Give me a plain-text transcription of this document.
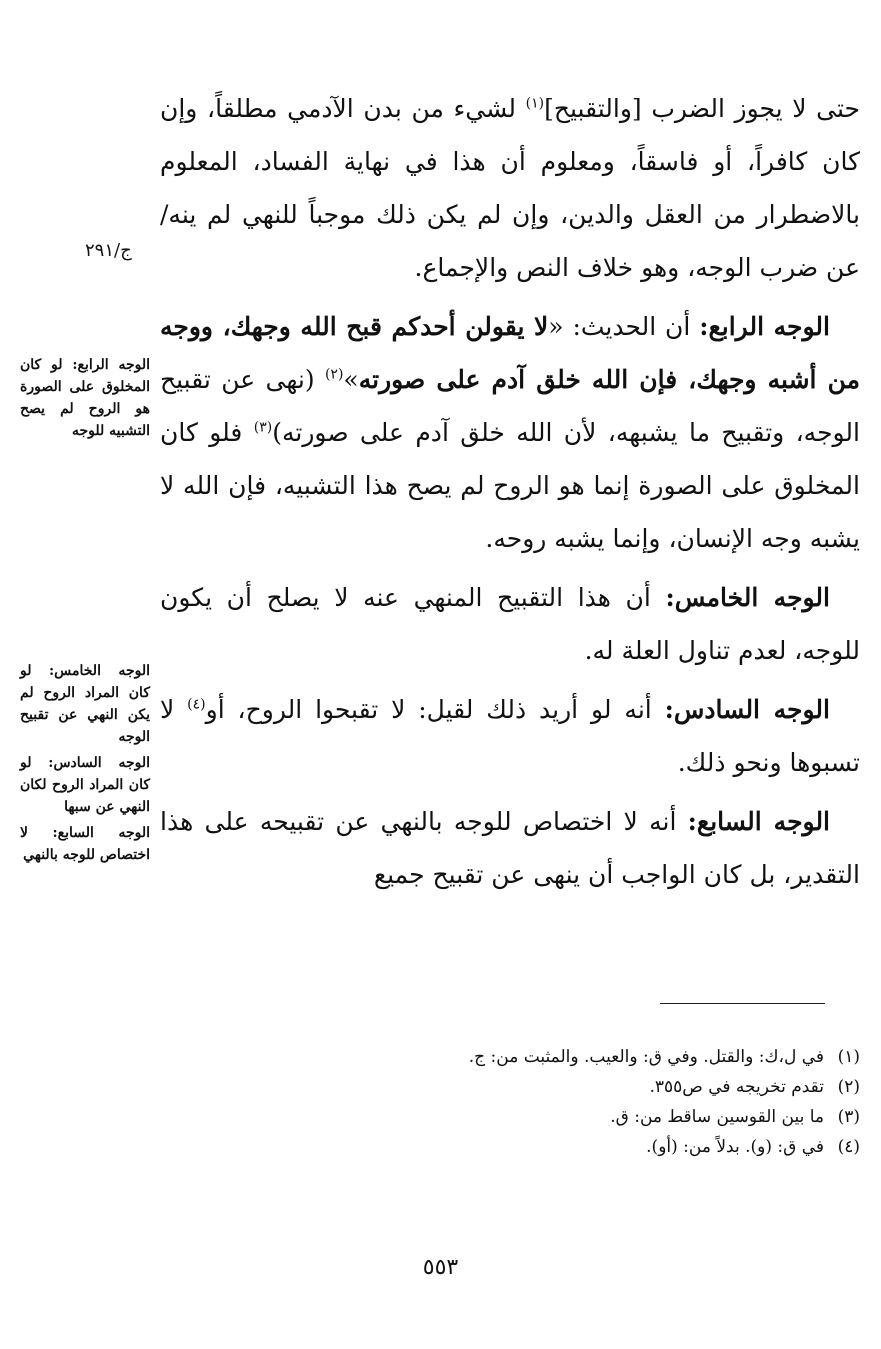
حتى لا يجوز الضرب [والتقبيح]$^{(١)}$ لشيء من بدن الآدمي مطلقاً، وإن كان كافراً، أو فاسقاً، ومعلوم أن هذا في نهاية الفساد، المعلوم بالاضطرار من العقل والدين، وإن لم يكن ذلك موجباً للنهي لم ينه/ عن ضرب الوجه، وهو خلاف النص والإجماع.

الوجه الرابع: أن الحديث: «لا يقولن أحدكم قبح الله وجهك، ووجه من أشبه وجهك، فإن الله خلق آدم على صورته»$^{(٢)}$ (نهى عن تقبيح الوجه، وتقبيح ما يشبهه، لأن الله خلق آدم على صورته)$^{(٣)}$ فلو كان المخلوق على الصورة إنما هو الروح لم يصح هذا التشبيه، فإن الله لا يشبه وجه الإنسان، وإنما يشبه روحه.

الوجه الخامس: أن هذا التقبيح المنهي عنه لا يصلح أن يكون للوجه، لعدم تناول العلة له.

الوجه السادس: أنه لو أريد ذلك لقيل: لا تقبحوا الروح، أو$^{(٤)}$ لا تسبوها ونحو ذلك.

الوجه السابع: أنه لا اختصاص للوجه بالنهي عن تقبيحه على هذا التقدير، بل كان الواجب أن ينهى عن تقبيح جميع

ج/٢٩١

الوجه الرابع: لو كان المخلوق على الصورة هو الروح لم يصح التشبيه للوجه

الوجه الخامس: لو كان المراد الروح لم يكن النهي عن تقبيح الوجه

الوجه السادس: لو كان المراد الروح لكان النهي عن سبها

الوجه السابع: لا اختصاص للوجه بالنهي

(١)في ل،ك: والقتل. وفي ق: والعيب. والمثبت من: ج.

(٢)تقدم تخريجه في ص٣٥٥.

(٣)ما بين القوسين ساقط من: ق.

(٤)في ق: (و). بدلاً من: (أو).

٥٥٣
